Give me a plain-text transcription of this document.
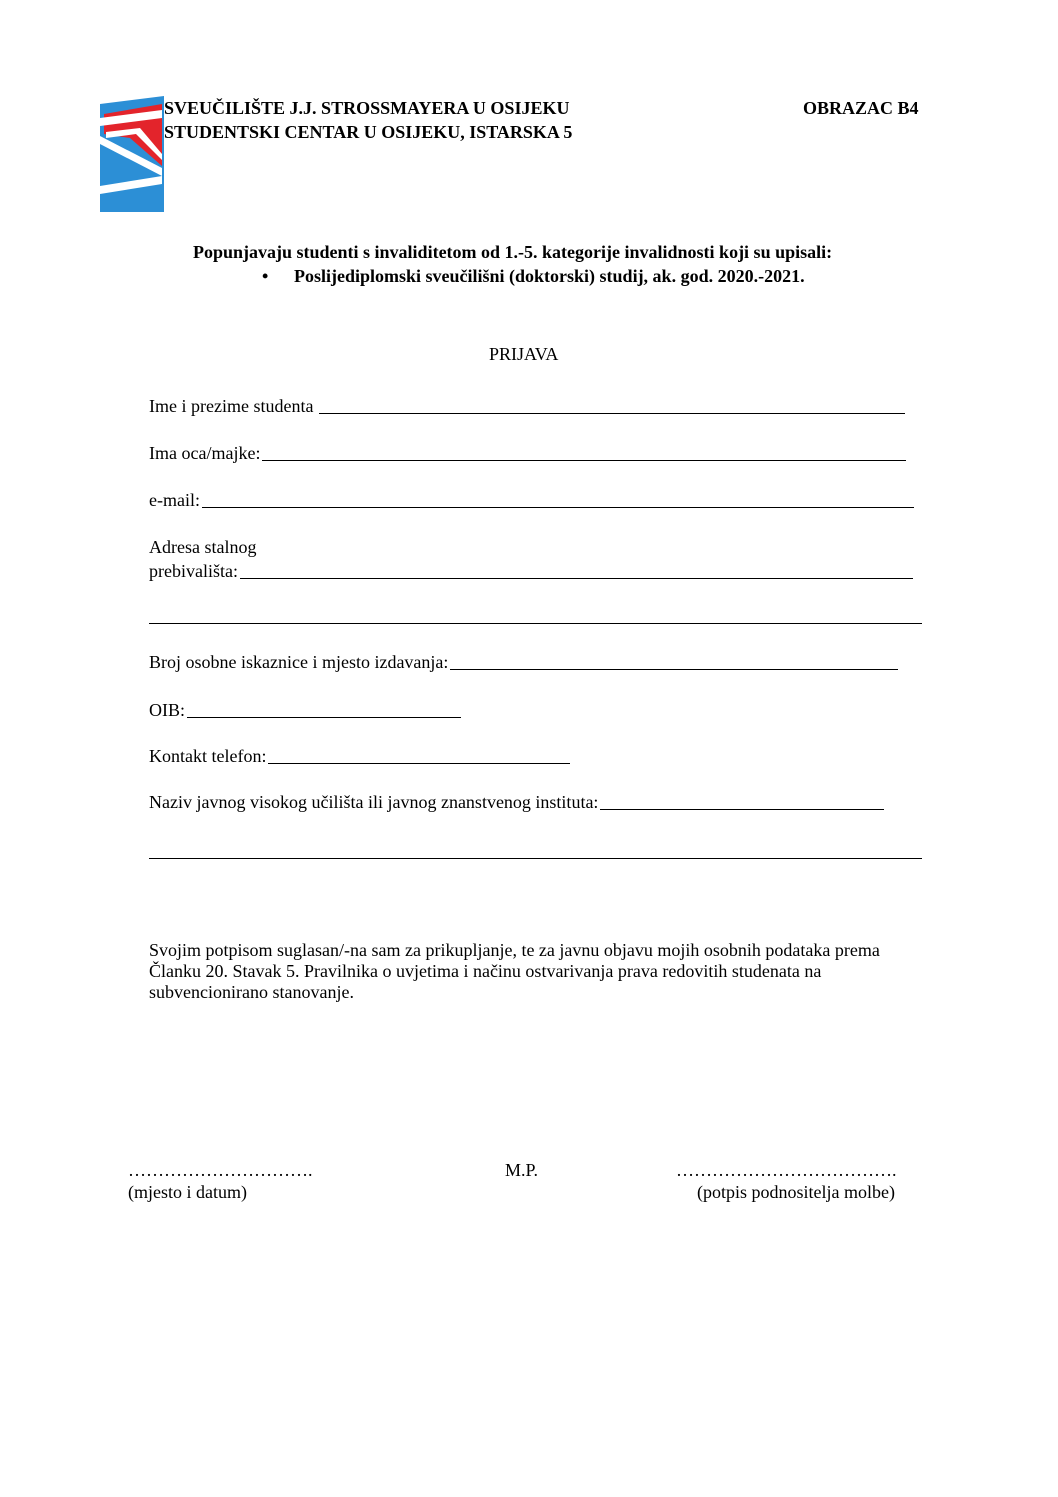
SVEUČILIŠTE J.J. STROSSMAYERA U OSIJEKU
STUDENTSKI CENTAR U OSIJEKU, ISTARSKA 5
OBRAZAC B4
Popunjavaju studenti s invaliditetom od 1.-5. kategorije invalidnosti koji su upisali:
• Poslijediplomski sveučilišni (doktorski) studij, ak. god. 2020.-2021.
PRIJAVA
Ime i prezime studenta
Ima oca/majke:
e-mail:
Adresa stalnog
prebivališta:
Broj osobne iskaznice i mjesto izdavanja:
OIB:
Kontakt telefon:
Naziv javnog visokog učilišta ili javnog znanstvenog instituta:
Svojim potpisom suglasan/-na sam za prikupljanje, te za javnu objavu mojih osobnih podataka prema Članku 20. Stavak 5. Pravilnika o uvjetima i načinu ostvarivanja prava redovitih studenata na subvencionirano stanovanje.
………………………….
(mjesto i datum)
M.P.	……………………………….
(potpis podnositelja molbe)
